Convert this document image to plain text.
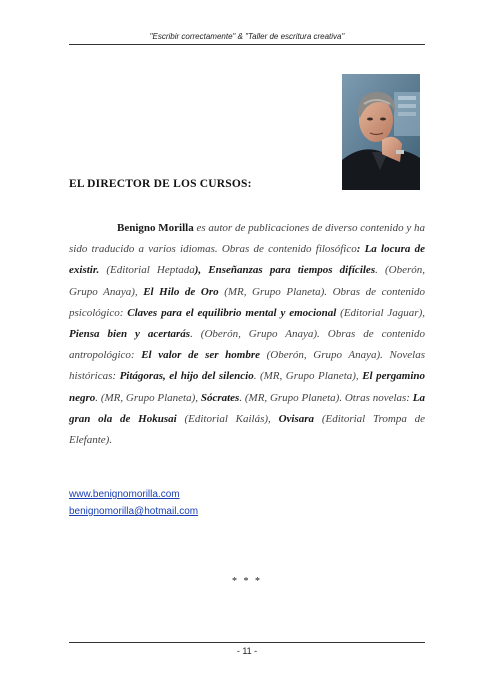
"Escribir correctamente" & "Taller de escritura creativa"
EL DIRECTOR DE LOS CURSOS:

Benigno Morilla es autor de publicaciones de diverso contenido y ha sido traducido a varios idiomas. Obras de contenido filosófico: La locura de existir. (Editorial Heptada), Enseñanzas para tiempos difíciles. (Oberón, Grupo Anaya), El Hilo de Oro (MR, Grupo Planeta). Obras de contenido psicológico: Claves para el equilibrio mental y emocional (Editorial Jaguar), Piensa bien y acertarás. (Oberón, Grupo Anaya). Obras de contenido antropológico: El valor de ser hombre (Oberón, Grupo Anaya). Novelas históricas: Pitágoras, el hijo del silencio. (MR, Grupo Planeta), El pergamino negro. (MR, Grupo Planeta), Sócrates. (MR, Grupo Planeta). Otras novelas: La gran ola de Hokusai (Editorial Kailás), Ovisara (Editorial Trompa de Elefante).

www.benignomorilla.com
benignomorilla@hotmail.com
* * *
- 11 -
